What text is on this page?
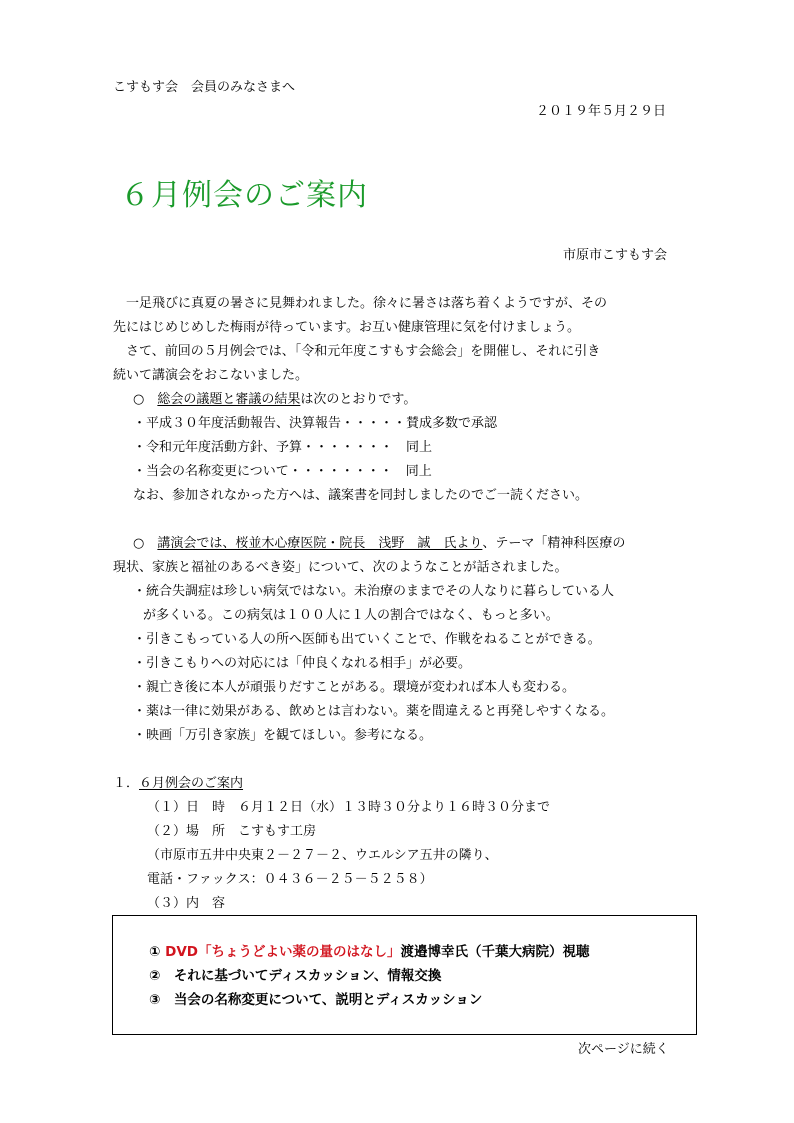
こすもす会　会員のみなさまへ
２０１９年５月２９日
６月例会のご案内
市原市こすもす会
　一足飛びに真夏の暑さに見舞われました。徐々に暑さは落ち着くようですが、その
先にはじめじめした梅雨が待っています。お互い健康管理に気を付けましょう。
　さて、前回の５月例会では、「令和元年度こすもす会総会」を開催し、それに引き
続いて講演会をおこないました。
○　 総会の議題と審議の結果は次のとおりです。
・平成３０年度活動報告、決算報告・・・・・賛成多数で承認
・令和元年度活動方針、予算・・・・・・・　同上
・当会の名称変更について・・・・・・・・　同上
なお、参加されなかった方へは、議案書を同封しましたのでご一読ください。
○　 講演会では、桜並木心療医院・院長　浅野　誠　氏より、テーマ「精神科医療の
現状、家族と福祉のあるべき姿」について、次のようなことが話されました。
・統合失調症は珍しい病気ではない。未治療のままでその人なりに暮らしている人
が多くいる。この病気は１００人に１人の割合ではなく、もっと多い。
・引きこもっている人の所へ医師も出ていくことで、作戦をねることができる。
・引きこもりへの対応には「仲良くなれる相手」が必要。
・親亡き後に本人が頑張りだすことがある。環境が変われば本人も変わる。
・薬は一律に効果がある、飲めとは言わない。薬を間違えると再発しやすくなる。
・映画「万引き家族」を観てほしい。参考になる。
１．６月例会のご案内
（１）日　時　６月１２日（水）１３時３０分より１６時３０分まで
（２）場　所　こすもす工房
（市原市五井中央東２－２７－２、ウエルシア五井の隣り、
電話・ファックス：０４３６－２５－５２５８）
（３）内　容
① DVD「ちょうどよい薬の量のはなし」渡邉博幸氏（千葉大病院）視聴
②　それに基づいてディスカッション、情報交換
③　当会の名称変更について、説明とディスカッション
次ページに続く
